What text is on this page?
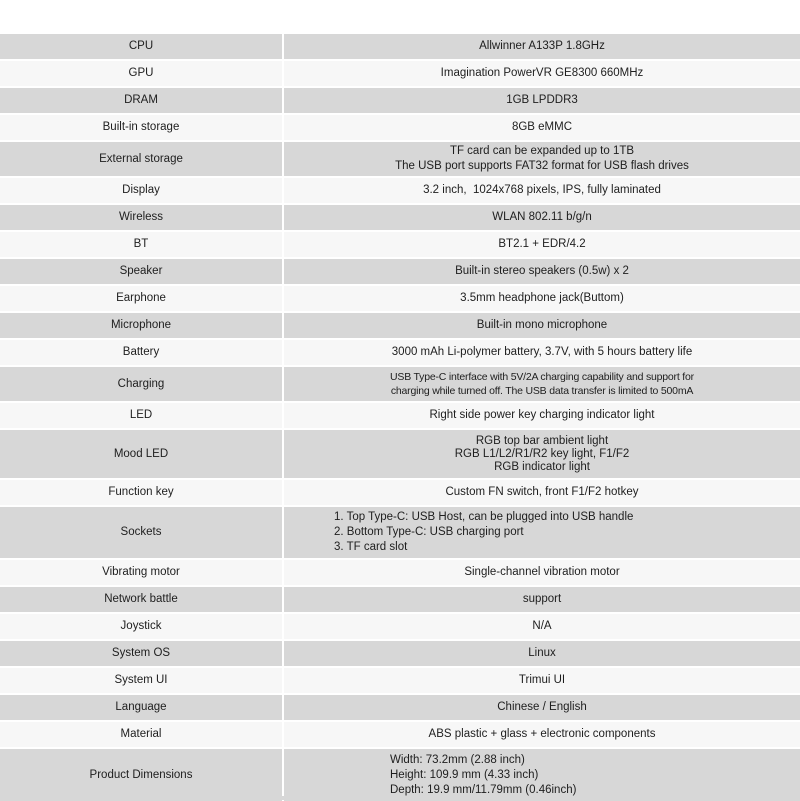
CPU	Allwinner A133P 1.8GHz
GPU	Imagination PowerVR GE8300 660MHz
DRAM	1GB LPDDR3
Built-in storage	8GB eMMC
External storage	TF card can be expanded up to 1TB
The USB port supports FAT32 format for USB flash drives

Display	3.2 inch,  1024x768 pixels, IPS, fully laminated
Wireless	WLAN 802.11 b/g/n
BT	BT2.1 + EDR/4.2
Speaker	Built-in stereo speakers (0.5w) x 2
Earphone	3.5mm headphone jack(Buttom)
Microphone	Built-in mono microphone
Battery	3000 mAh Li-polymer battery, 3.7V, with 5 hours battery life
Charging	USB Type-C interface with 5V/2A charging capability and support for
charging while turned off. The USB data transfer is limited to 500mA

LED	Right side power key charging indicator light
Mood LED	RGB top bar ambient light
RGB L1/L2/R1/R2 key light, F1/F2
RGB indicator light

Function key	Custom FN switch, front F1/F2 hotkey
Sockets	1. Top Type-C: USB Host, can be plugged into USB handle
2. Bottom Type-C: USB charging port
3. TF card slot

Vibrating motor	Single-channel vibration motor
Network battle	support
Joystick	N/A
System OS	Linux
System UI	Trimui UI
Language	Chinese / English
Material	ABS plastic + glass + electronic components
Product Dimensions	Width: 73.2mm (2.88 inch)
Height: 109.9 mm (4.33 inch)
Depth: 19.9 mm/11.79mm (0.46inch)
